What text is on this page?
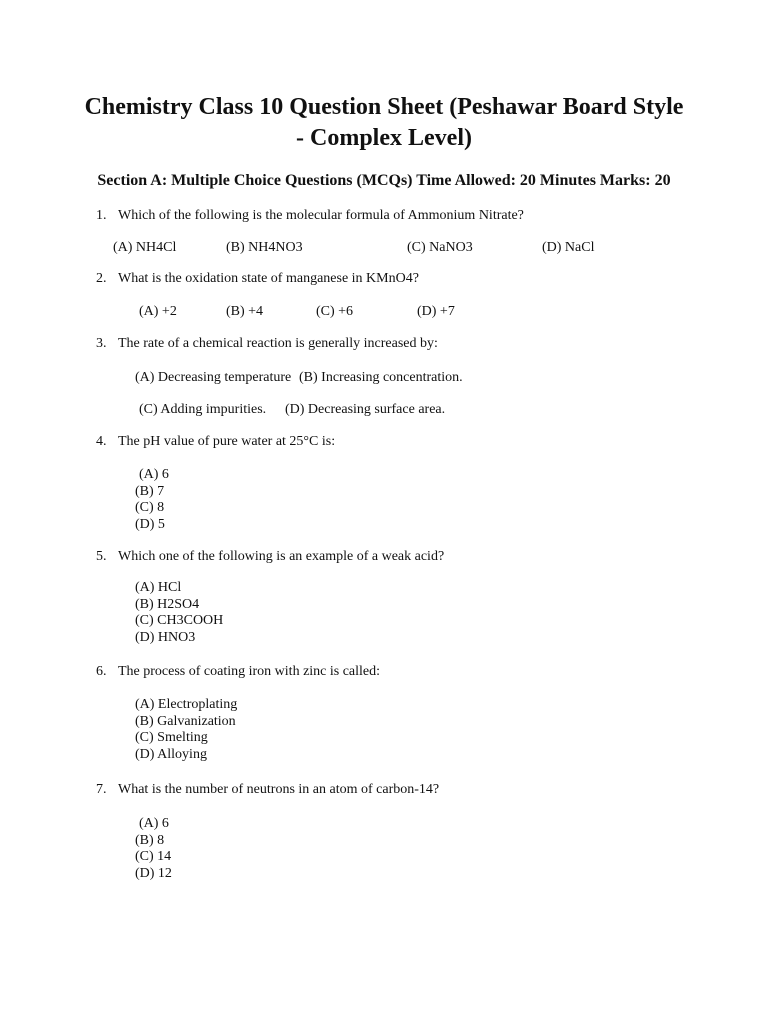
Chemistry Class 10 Question Sheet (Peshawar Board Style - Complex Level)
Section A: Multiple Choice Questions (MCQs) Time Allowed: 20 Minutes Marks: 20
1. Which of the following is the molecular formula of Ammonium Nitrate?
(A) NH4Cl	(B) NH4NO3	(C) NaNO3	(D) NaCl
2. What is the oxidation state of manganese in KMnO4?
(A) +2	(B) +4	(C) +6	(D) +7
3. The rate of a chemical reaction is generally increased by:
(A) Decreasing temperature (B) Increasing concentration.
(C) Adding impurities. (D) Decreasing surface area.
4. The pH value of pure water at 25°C is:
(A) 6
(B) 7
(C) 8
(D) 5
5. Which one of the following is an example of a weak acid?
(A) HCl
(B) H2SO4
(C) CH3COOH
(D) HNO3
6. The process of coating iron with zinc is called:
(A) Electroplating
(B) Galvanization
(C) Smelting
(D) Alloying
7. What is the number of neutrons in an atom of carbon-14?
(A) 6
(B) 8
(C) 14
(D) 12
